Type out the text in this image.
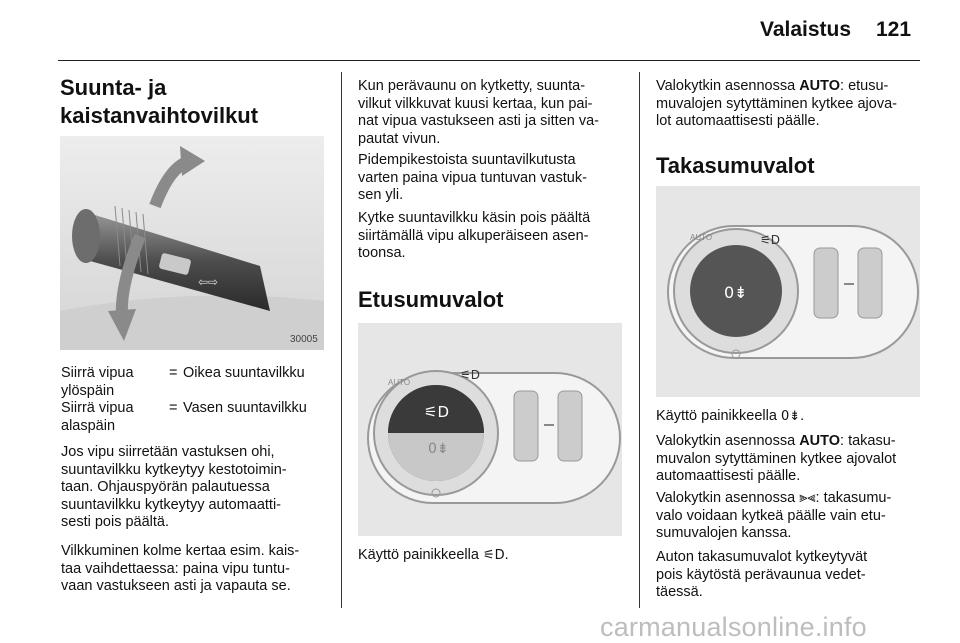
Valaistus 121
Suunta- ja
kaistanvaihtovilkut
⇦⇨
30005
Siirrä vipua
ylöspäin
= Oikea suuntavilkku
Siirrä vipua
alaspäin
= Vasen suuntavilkku
Jos vipu siirretään vastuksen ohi,
suuntavilkku kytkeytyy kestotoimin-
taan. Ohjauspyörän palautuessa
suuntavilkku kytkeytyy automaatti-
sesti pois päältä.
Vilkkuminen kolme kertaa esim. kais-
taa vaihdettaessa: paina vipu tuntu-
vaan vastukseen asti ja vapauta se.
Kun perävaunu on kytketty, suunta-
vilkut vilkkuvat kuusi kertaa, kun pai-
nat vipua vastukseen asti ja sitten va-
pautat vivun.
Pidempikestoista suuntavilkutusta
varten paina vipua tuntuvan vastuk-
sen yli.
Kytke suuntavilkku käsin pois päältä
siirtämällä vipu alkuperäiseen asen-
toonsa.
Etusumuvalot
⚟D
0⇟
AUTO
⚟D
Käyttö painikkeella ⚟D.
Valokytkin asennossa AUTO: etusu-
muvalojen sytyttäminen kytkee ajova-
lot automaattisesti päälle.
Takasumuvalot
0⇟
AUTO	⚟D
Käyttö painikkeella 0⇟.
Valokytkin asennossa AUTO: takasu-
muvalon sytyttäminen kytkee ajovalot
automaattisesti päälle.
Valokytkin asennossa ⫸⫷: takasumu-
valo voidaan kytkeä päälle vain etu-
sumuvalojen kanssa.
Auton takasumuvalot kytkeytyvät
pois käytöstä perävaunua vedet-
täessä.
carmanualsonline.info
